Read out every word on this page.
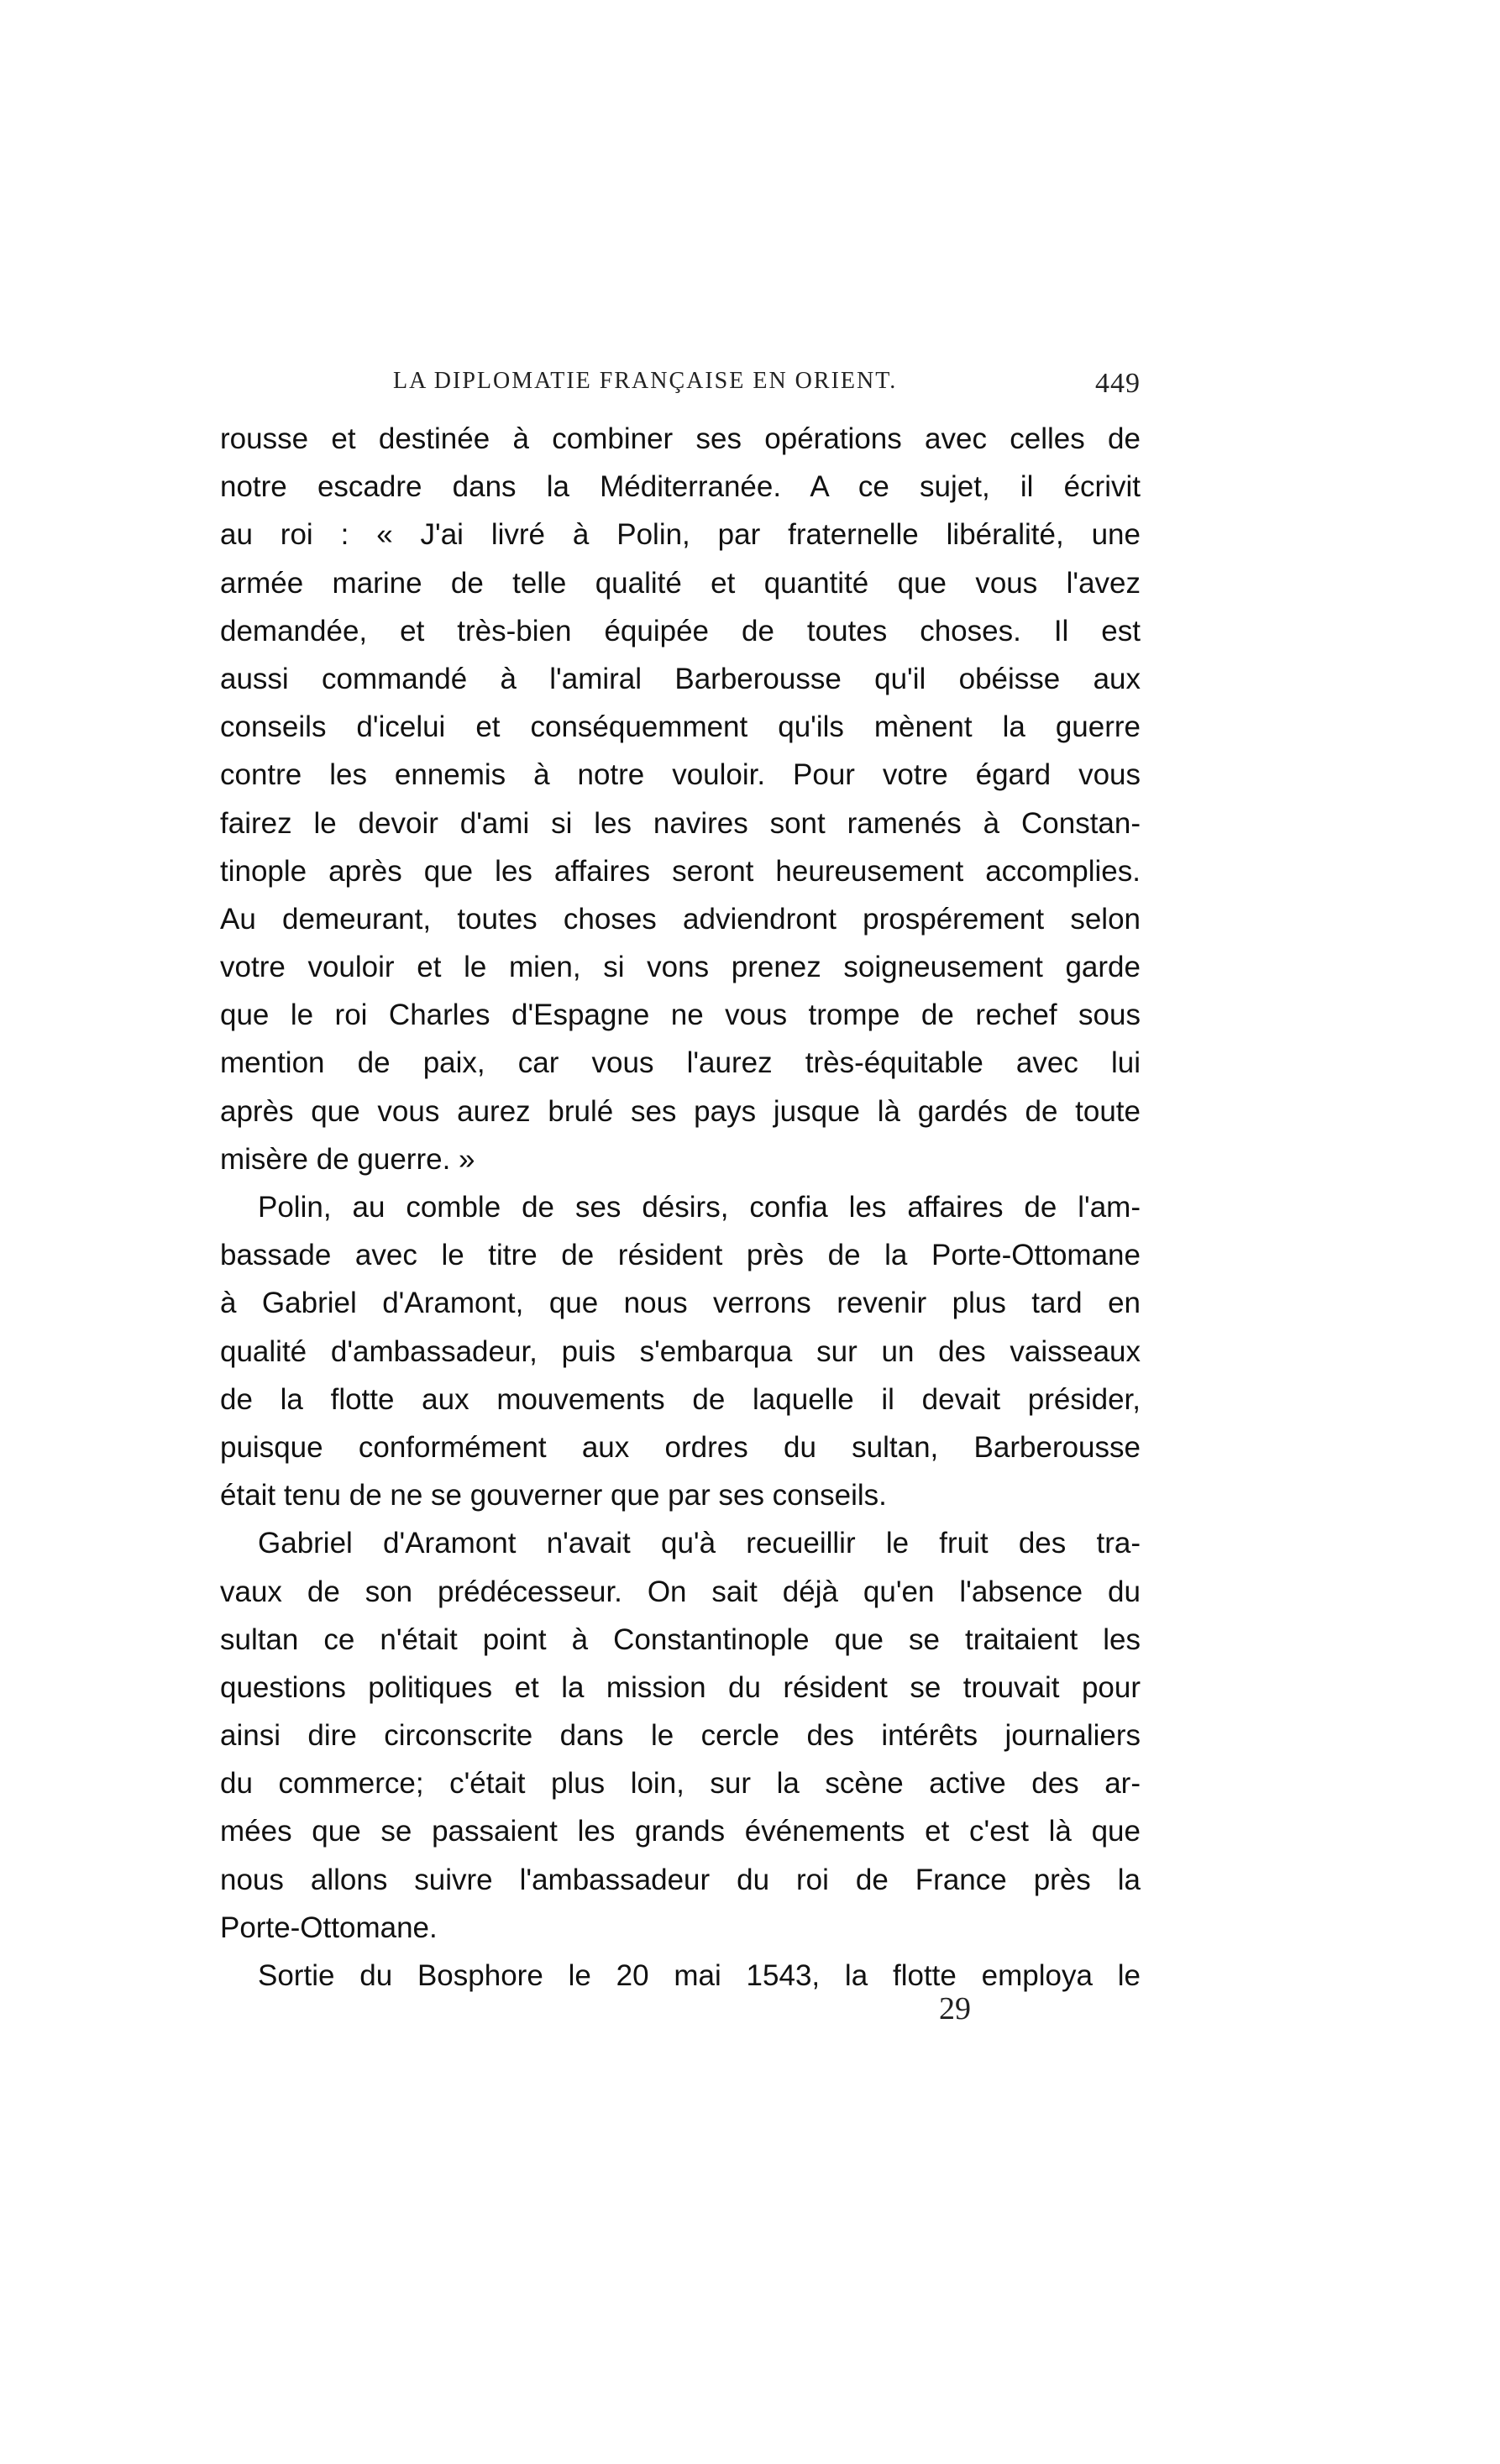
LA DIPLOMATIE FRANÇAISE EN ORIENT.	449
rousse et destinée à combiner ses opérations avec celles de
notre escadre dans la Méditerranée. A ce sujet, il écrivit
au roi : « J'ai livré à Polin, par fraternelle libéralité, une
armée marine de telle qualité et quantité que vous l'avez
demandée, et très-bien équipée de toutes choses. Il est
aussi commandé à l'amiral Barberousse qu'il obéisse aux
conseils d'icelui et conséquemment qu'ils mènent la guerre
contre les ennemis à notre vouloir. Pour votre égard vous
fairez le devoir d'ami si les navires sont ramenés à Constan-
tinople après que les affaires seront heureusement accomplies.
Au demeurant, toutes choses adviendront prospérement selon
votre vouloir et le mien, si vons prenez soigneusement garde
que le roi Charles d'Espagne ne vous trompe de rechef sous
mention de paix, car vous l'aurez très-équitable avec lui
après que vous aurez brulé ses pays jusque là gardés de toute
misère de guerre. »
Polin, au comble de ses désirs, confia les affaires de l'am-
bassade avec le titre de résident près de la Porte-Ottomane
à Gabriel d'Aramont, que nous verrons revenir plus tard en
qualité d'ambassadeur, puis s'embarqua sur un des vaisseaux
de la flotte aux mouvements de laquelle il devait présider,
puisque conformément aux ordres du sultan, Barberousse
était tenu de ne se gouverner que par ses conseils.
Gabriel d'Aramont n'avait qu'à recueillir le fruit des tra-
vaux de son prédécesseur. On sait déjà qu'en l'absence du
sultan ce n'était point à Constantinople que se traitaient les
questions politiques et la mission du résident se trouvait pour
ainsi dire circonscrite dans le cercle des intérêts journaliers
du commerce; c'était plus loin, sur la scène active des ar-
mées que se passaient les grands événements et c'est là que
nous allons suivre l'ambassadeur du roi de France près la
Porte-Ottomane.
Sortie du Bosphore le 20 mai 1543, la flotte employa le
29
